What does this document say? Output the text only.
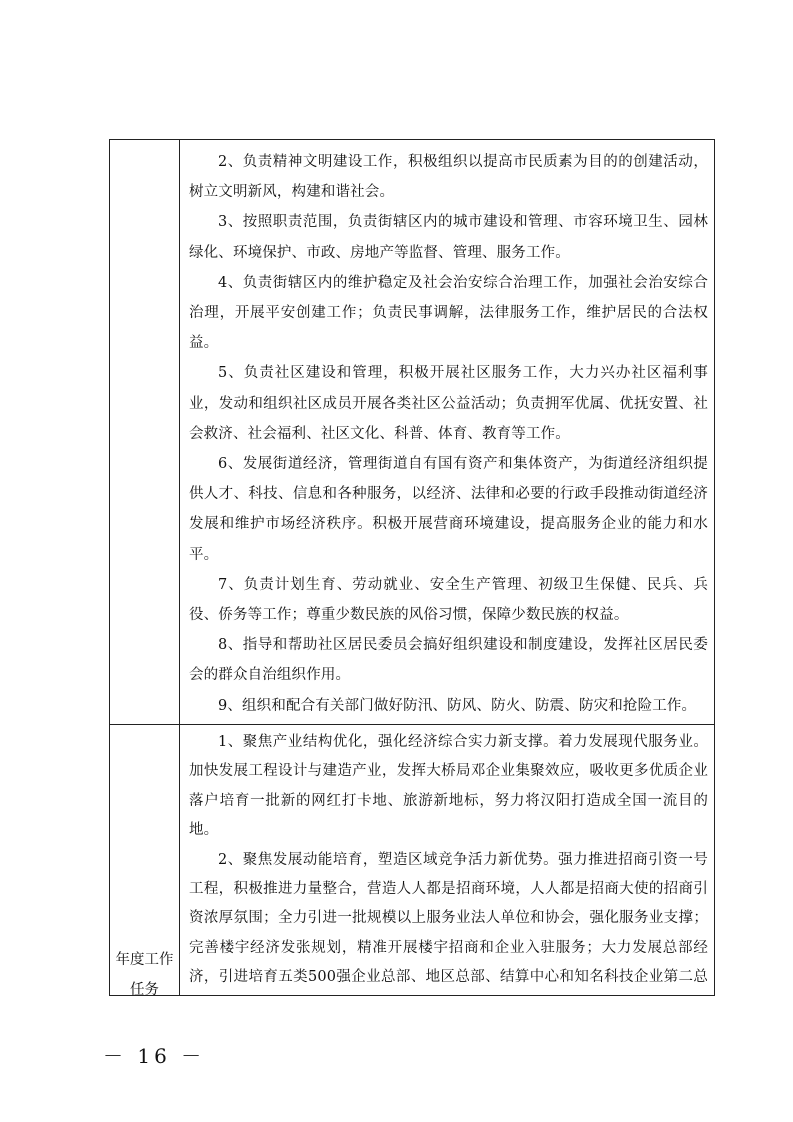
2、负责精神文明建设工作，积极组织以提高市民质素为目的的创建活动，树立文明新风，构建和谐社会。

3、按照职责范围，负责街辖区内的城市建设和管理、市容环境卫生、园林绿化、环境保护、市政、房地产等监督、管理、服务工作。

4、负责街辖区内的维护稳定及社会治安综合治理工作，加强社会治安综合治理，开展平安创建工作；负责民事调解，法律服务工作，维护居民的合法权益。

5、负责社区建设和管理，积极开展社区服务工作，大力兴办社区福利事业，发动和组织社区成员开展各类社区公益活动；负责拥军优属、优抚安置、社会救济、社会福利、社区文化、科普、体育、教育等工作。

6、发展街道经济，管理街道自有国有资产和集体资产，为街道经济组织提供人才、科技、信息和各种服务，以经济、法律和必要的行政手段推动街道经济发展和维护市场经济秩序。积极开展营商环境建设，提高服务企业的能力和水平。

7、负责计划生育、劳动就业、安全生产管理、初级卫生保健、民兵、兵役、侨务等工作；尊重少数民族的风俗习惯，保障少数民族的权益。

8、指导和帮助社区居民委员会搞好组织建设和制度建设，发挥社区居民委会的群众自治组织作用。

9、组织和配合有关部门做好防汛、防风、防火、防震、防灾和抢险工作。

年度工作
任务

1、聚焦产业结构优化，强化经济综合实力新支撑。着力发展现代服务业。加快发展工程设计与建造产业，发挥大桥局邓企业集聚效应，吸收更多优质企业落户培育一批新的网红打卡地、旅游新地标，努力将汉阳打造成全国一流目的地。

2、聚焦发展动能培育，塑造区域竞争活力新优势。强力推进招商引资一号工程，积极推进力量整合，营造人人都是招商环境，人人都是招商大使的招商引资浓厚氛围；全力引进一批规模以上服务业法人单位和协会，强化服务业支撑；完善楼宇经济发张规划，精准开展楼宇招商和企业入驻服务；大力发展总部经济，引进培育五类500强企业总部、地区总部、结算中心和知名科技企业第二总

－ 16 －
